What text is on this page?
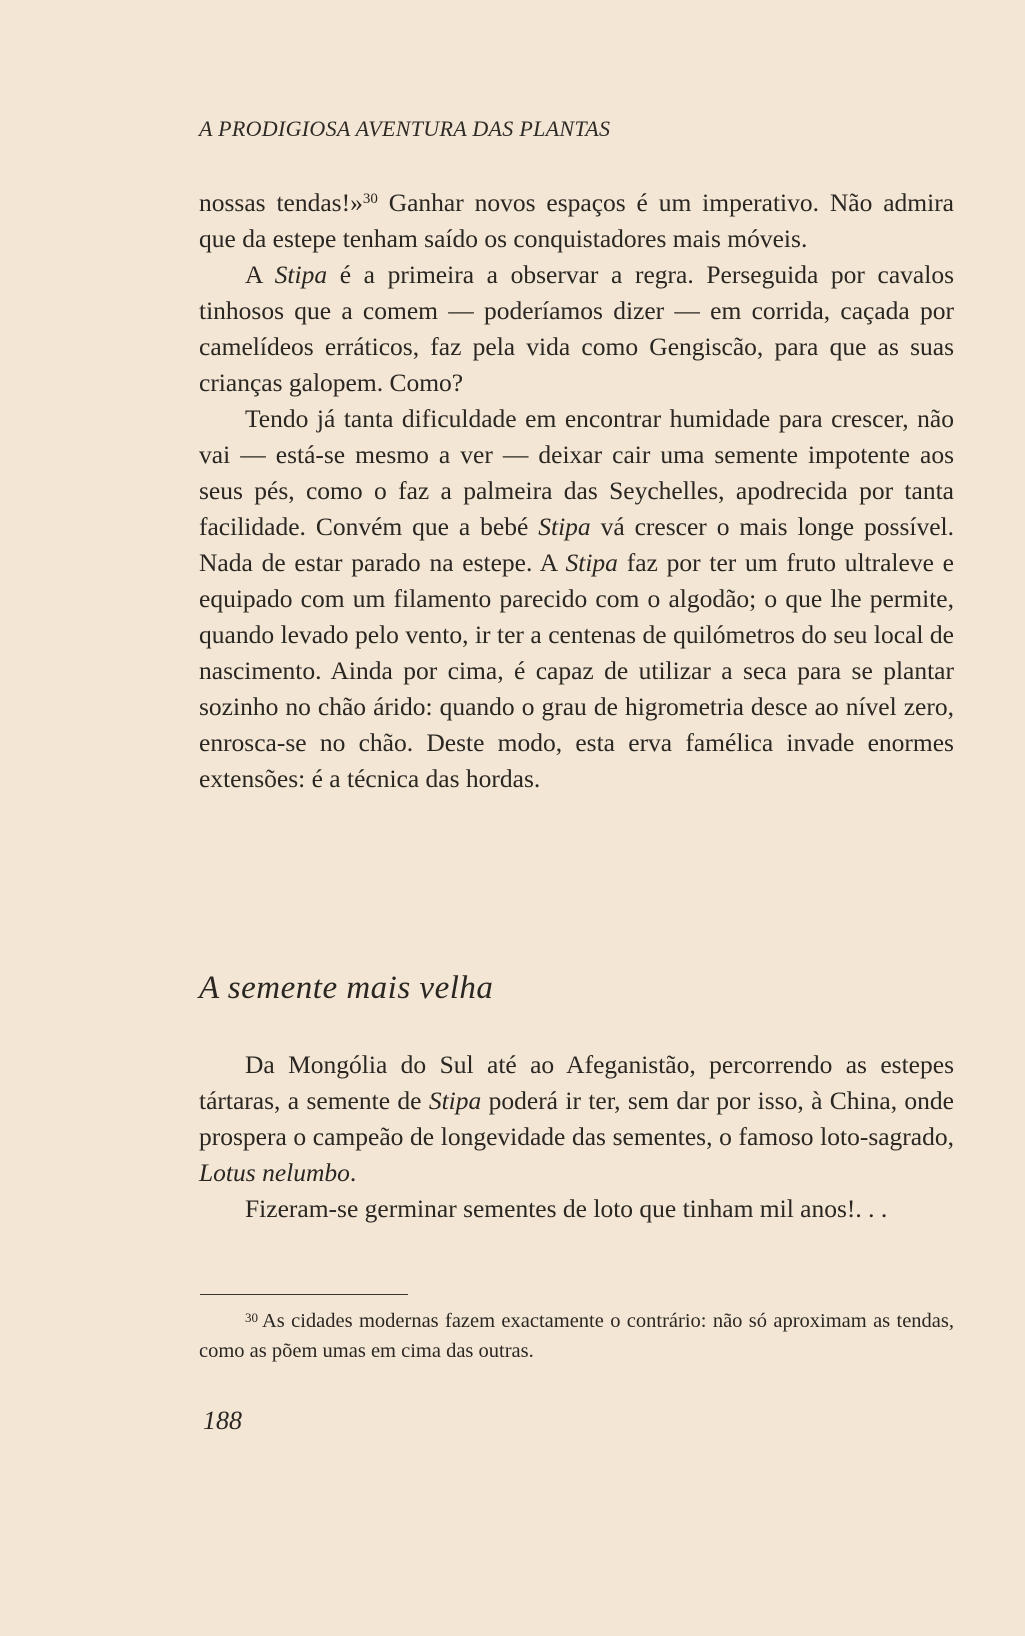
A PRODIGIOSA AVENTURA DAS PLANTAS

nossas tendas!»$^{30}$ Ganhar novos espaços é um imperativo. Não admira que da estepe tenham saído os conquistadores mais móveis.

A Stipa é a primeira a observar a regra. Perseguida por cavalos tinhosos que a comem — poderíamos dizer — em corrida, caçada por camelídeos erráticos, faz pela vida como Gengiscão, para que as suas crianças galopem. Como?

Tendo já tanta dificuldade em encontrar humidade para crescer, não vai — está-se mesmo a ver — deixar cair uma semente impotente aos seus pés, como o faz a palmeira das Seychelles, apodrecida por tanta facilidade. Convém que a bebé Stipa vá crescer o mais longe possível. Nada de estar parado na estepe. A Stipa faz por ter um fruto ultraleve e equipado com um filamento parecido com o algodão; o que lhe permite, quando levado pelo vento, ir ter a centenas de quilómetros do seu local de nascimento. Ainda por cima, é capaz de utilizar a seca para se plantar sozinho no chão árido: quando o grau de higrometria desce ao nível zero, enrosca-se no chão. Deste modo, esta erva famélica invade enormes extensões: é a técnica das hordas.

A semente mais velha

Da Mongólia do Sul até ao Afeganistão, percorrendo as estepes tártaras, a semente de Stipa poderá ir ter, sem dar por isso, à China, onde prospera o campeão de longevidade das sementes, o famoso loto-sagrado, Lotus nelumbo.

Fizeram-se germinar sementes de loto que tinham mil anos!. . .

$^{30}$ As cidades modernas fazem exactamente o contrário: não só aproximam as tendas, como as põem umas em cima das outras.

188
